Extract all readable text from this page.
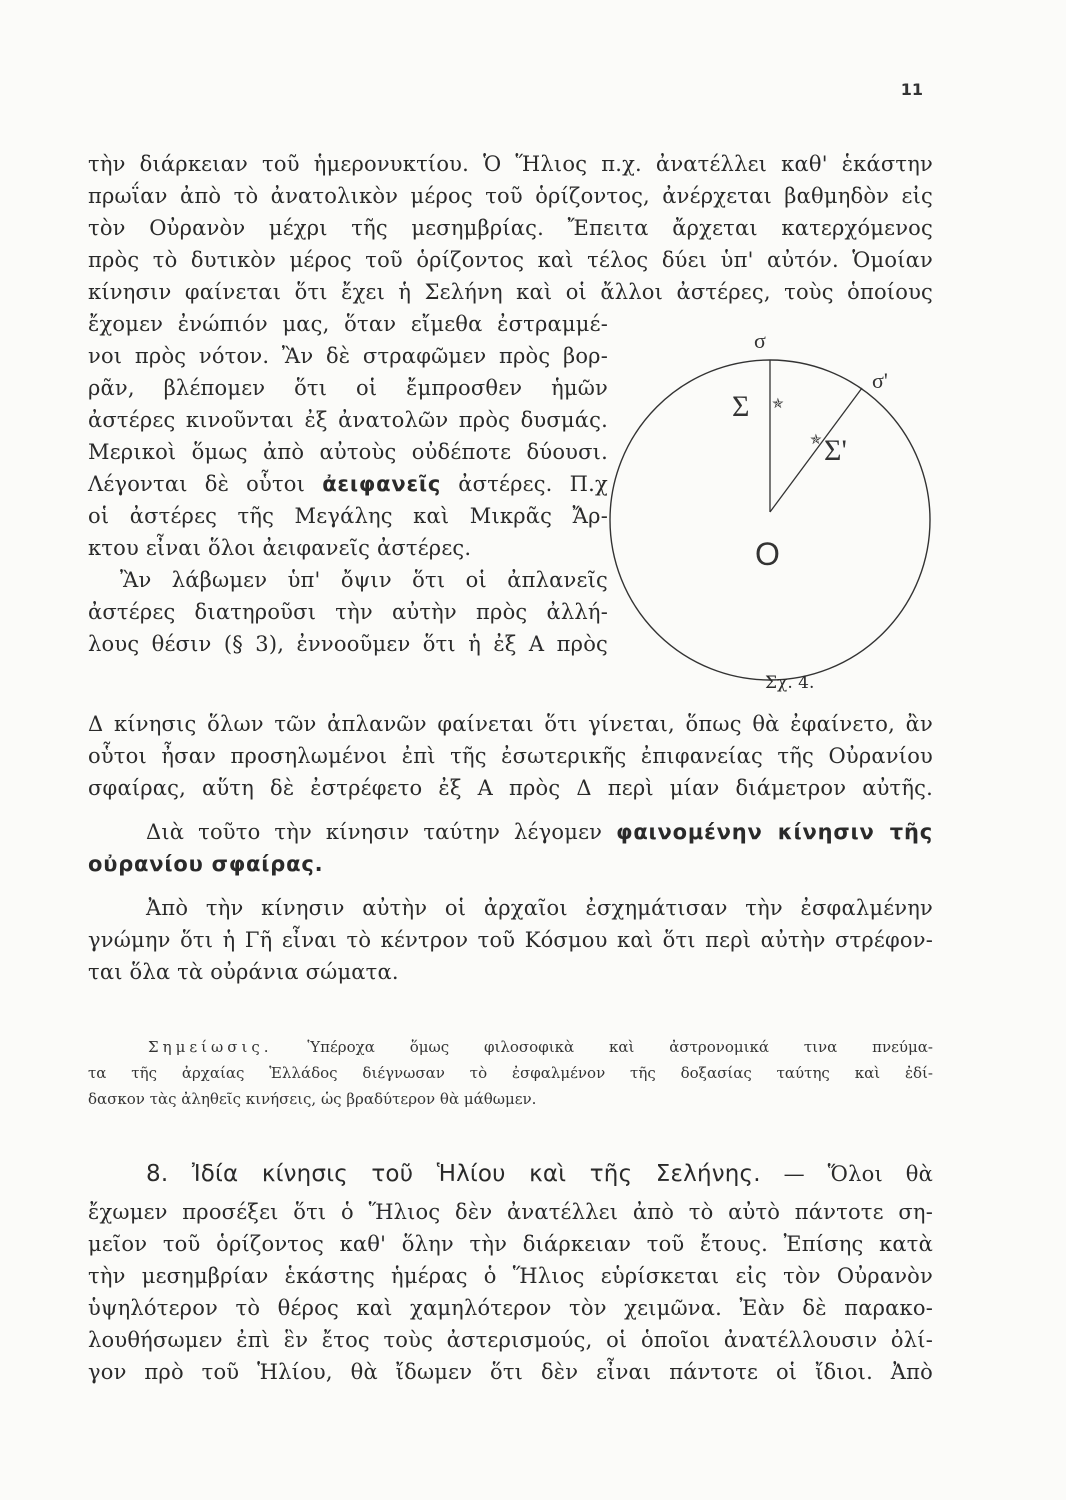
11
τὴν διάρκειαν τοῦ ἡμερονυκτίου. Ὁ Ἥλιος π.χ. ἀνατέλλει καθ' ἑκάστην
πρωΐαν ἀπὸ τὸ ἀνατολικὸν μέρος τοῦ ὁρίζοντος, ἀνέρχεται βαθμηδὸν εἰς
τὸν Οὐρανὸν μέχρι τῆς μεσημβρίας. Ἔπειτα ἄρχεται κατερχόμενος
πρὸς τὸ δυτικὸν μέρος τοῦ ὁρίζοντος καὶ τέλος δύει ὑπ' αὐτόν. Ὁμοίαν
κίνησιν φαίνεται ὅτι ἔχει ἡ Σελήνη καὶ οἱ ἄλλοι ἀστέρες, τοὺς ὁποίους
ἔχομεν ἐνώπιόν μας, ὅταν εἴμεθα ἐστραμμέ-
νοι πρὸς νότον. Ἂν δὲ στραφῶμεν πρὸς βορ-
ρᾶν, βλέπομεν ὅτι οἱ ἔμπροσθεν ἡμῶν
ἀστέρες κινοῦνται ἐξ ἀνατολῶν πρὸς δυσμάς.
Μερικοὶ ὅμως ἀπὸ αὐτοὺς οὐδέποτε δύουσι.
Λέγονται δὲ οὗτοι ἀειφανεῖς ἀστέρες. Π.χ
οἱ ἀστέρες τῆς Μεγάλης καὶ Μικρᾶς Ἄρ-
κτου εἶναι ὅλοι ἀειφανεῖς ἀστέρες.
Ἂν λάβωμεν ὑπ' ὄψιν ὅτι οἱ ἀπλανεῖς
ἀστέρες διατηροῦσι τὴν αὐτὴν πρὸς ἀλλή-
λους θέσιν (§ 3), ἐννοοῦμεν ὅτι ἡ ἐξ Α πρὸς
σ
σ'
✯
Σ
✯ Σ'
Ο
Σχ. 4.
Δ κίνησις ὅλων τῶν ἀπλανῶν φαίνεται ὅτι γίνεται, ὅπως θὰ ἐφαίνετο, ἂν
οὗτοι ἦσαν προσηλωμένοι ἐπὶ τῆς ἐσωτερικῆς ἐπιφανείας τῆς Οὐρανίου
σφαίρας, αὕτη δὲ ἐστρέφετο ἐξ Α πρὸς Δ περὶ μίαν διάμετρον αὐτῆς.
Διὰ τοῦτο τὴν κίνησιν ταύτην λέγομεν φαινομένην κίνησιν τῆς
οὐρανίου σφαίρας.
Ἀπὸ τὴν κίνησιν αὐτὴν οἱ ἀρχαῖοι ἐσχημάτισαν τὴν ἐσφαλμένην
γνώμην ὅτι ἡ Γῆ εἶναι τὸ κέντρον τοῦ Κόσμου καὶ ὅτι περὶ αὐτὴν στρέφον-
ται ὅλα τὰ οὐράνια σώματα.
Σημείωσις. Ὑπέροχα ὅμως φιλοσοφικὰ καὶ ἀστρονομικά τινα πνεύμα-
τα τῆς ἀρχαίας Ἑλλάδος διέγνωσαν τὸ ἐσφαλμένον τῆς δοξασίας ταύτης καὶ ἐδί-
δασκον τὰς ἀληθεῖς κινήσεις, ὡς βραδύτερον θὰ μάθωμεν.
8. Ἰδία κίνησις τοῦ Ἡλίου καὶ τῆς Σελήνης. — Ὅλοι θὰ
ἔχωμεν προσέξει ὅτι ὁ Ἥλιος δὲν ἀνατέλλει ἀπὸ τὸ αὐτὸ πάντοτε ση-
μεῖον τοῦ ὁρίζοντος καθ' ὅλην τὴν διάρκειαν τοῦ ἔτους. Ἐπίσης κατὰ
τὴν μεσημβρίαν ἑκάστης ἡμέρας ὁ Ἥλιος εὑρίσκεται εἰς τὸν Οὐρανὸν
ὑψηλότερον τὸ θέρος καὶ χαμηλότερον τὸν χειμῶνα. Ἐὰν δὲ παρακο-
λουθήσωμεν ἐπὶ ἓν ἔτος τοὺς ἀστερισμούς, οἱ ὁποῖοι ἀνατέλλουσιν ὀλί-
γον πρὸ τοῦ Ἡλίου, θὰ ἴδωμεν ὅτι δὲν εἶναι πάντοτε οἱ ἴδιοι. Ἀπὸ
